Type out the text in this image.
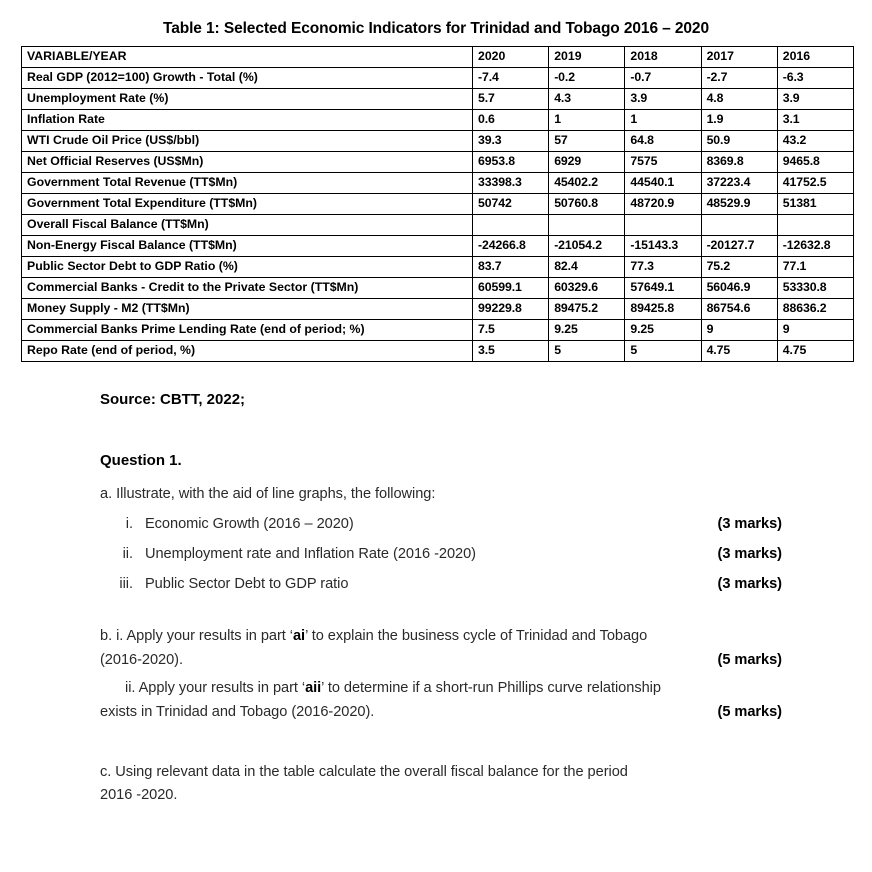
Table 1: Selected Economic Indicators for Trinidad and Tobago 2016 – 2020
VARIABLE/YEAR	2020	2019	2018	2017	2016
Real GDP (2012=100) Growth - Total (%)	-7.4	-0.2	-0.7	-2.7	-6.3
Unemployment Rate (%)	5.7	4.3	3.9	4.8	3.9
Inflation Rate	0.6	1	1	1.9	3.1
WTI Crude Oil Price (US$/bbl)	39.3	57	64.8	50.9	43.2
Net Official Reserves (US$Mn)	6953.8	6929	7575	8369.8	9465.8
Government Total Revenue (TT$Mn)	33398.3	45402.2	44540.1	37223.4	41752.5
Government Total Expenditure (TT$Mn)	50742	50760.8	48720.9	48529.9	51381
Overall Fiscal Balance (TT$Mn)					
Non-Energy Fiscal Balance (TT$Mn)	-24266.8	-21054.2	-15143.3	-20127.7	-12632.8
Public Sector Debt to GDP Ratio (%)	83.7	82.4	77.3	75.2	77.1
Commercial Banks - Credit to the Private Sector (TT$Mn)	60599.1	60329.6	57649.1	56046.9	53330.8
Money Supply - M2 (TT$Mn)	99229.8	89475.2	89425.8	86754.6	88636.2
Commercial Banks Prime Lending Rate (end of period; %)	7.5	9.25	9.25	9	9
Repo Rate (end of period, %)	3.5	5	5	4.75	4.75

Source: CBTT, 2022;

Question 1.

a. Illustrate, with the aid of line graphs, the following:

i. Economic Growth (2016 – 2020)	(3 marks)
ii. Unemployment rate and Inflation Rate (2016 -2020)	(3 marks)
iii. Public Sector Debt to GDP ratio	(3 marks)
b. i. Apply your results in part ‘ai’ to explain the business cycle of Trinidad and Tobago
(2016-2020).	(5 marks)
ii. Apply your results in part ‘aii’ to determine if a short-run Phillips curve relationship
exists in Trinidad and Tobago (2016-2020).	(5 marks)
c. Using relevant data in the table calculate the overall fiscal balance for the period
2016 -2020.
